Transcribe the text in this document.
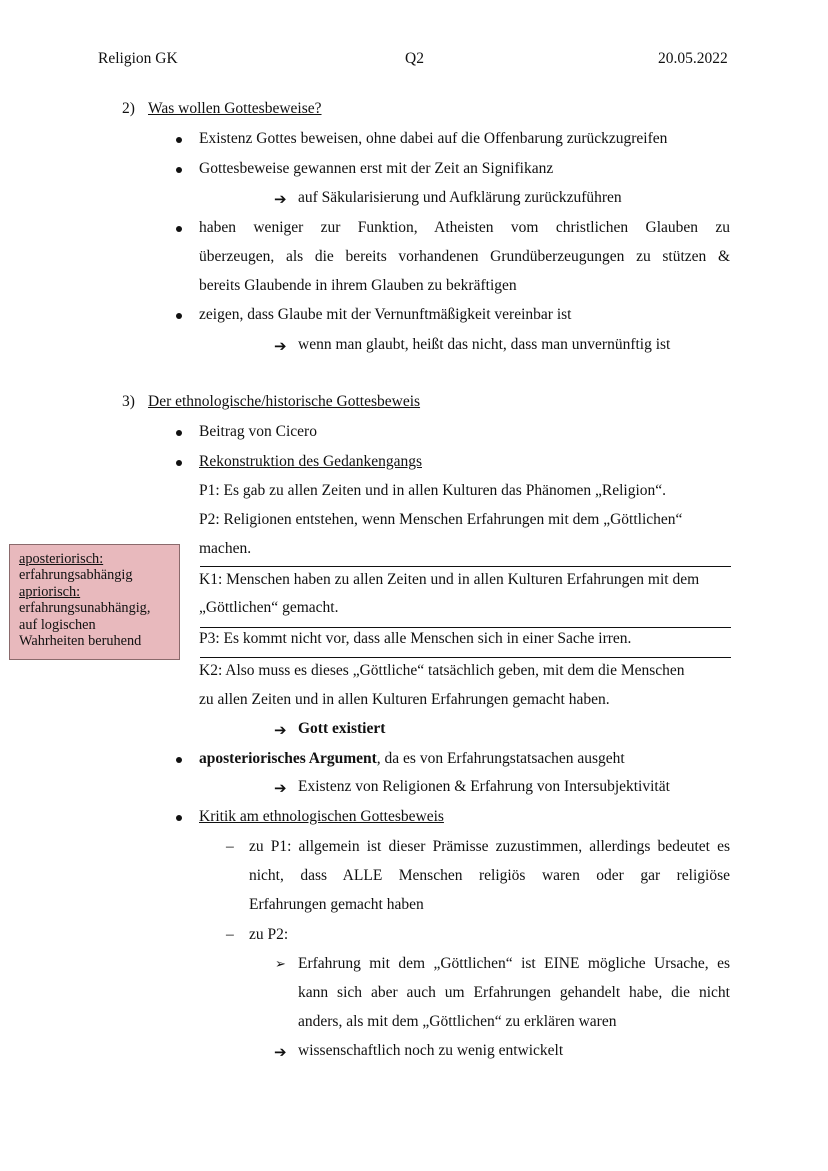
Religion GK	Q2	20.05.2022
2) Was wollen Gottesbeweise?
Existenz Gottes beweisen, ohne dabei auf die Offenbarung zurückzugreifen
Gottesbeweise gewannen erst mit der Zeit an Signifikanz
➔ auf Säkularisierung und Aufklärung zurückzuführen
haben weniger zur Funktion, Atheisten vom christlichen Glauben zu
überzeugen, als die bereits vorhandenen Grundüberzeugungen zu stützen &
bereits Glaubende in ihrem Glauben zu bekräftigen
zeigen, dass Glaube mit der Vernunftmäßigkeit vereinbar ist
➔ wenn man glaubt, heißt das nicht, dass man unvernünftig ist
3) Der ethnologische/historische Gottesbeweis
Beitrag von Cicero
Rekonstruktion des Gedankengangs
P1: Es gab zu allen Zeiten und in allen Kulturen das Phänomen „Religion“.
P2: Religionen entstehen, wenn Menschen Erfahrungen mit dem „Göttlichen“
machen.
K1: Menschen haben zu allen Zeiten und in allen Kulturen Erfahrungen mit dem
„Göttlichen“ gemacht.
P3: Es kommt nicht vor, dass alle Menschen sich in einer Sache irren.
K2: Also muss es dieses „Göttliche“ tatsächlich geben, mit dem die Menschen
zu allen Zeiten und in allen Kulturen Erfahrungen gemacht haben.
➔ Gott existiert
aposteriorisches Argument, da es von Erfahrungstatsachen ausgeht
➔ Existenz von Religionen & Erfahrung von Intersubjektivität
Kritik am ethnologischen Gottesbeweis
– zu P1: allgemein ist dieser Prämisse zuzustimmen, allerdings bedeutet es
nicht, dass ALLE Menschen religiös waren oder gar religiöse
Erfahrungen gemacht haben
– zu P2:
➢ Erfahrung mit dem „Göttlichen“ ist EINE mögliche Ursache, es
kann sich aber auch um Erfahrungen gehandelt habe, die nicht
anders, als mit dem „Göttlichen“ zu erklären waren
➔ wissenschaftlich noch zu wenig entwickelt
aposteriorisch:
erfahrungsabhängig
apriorisch:
erfahrungsunabhängig,
auf logischen
Wahrheiten beruhend
